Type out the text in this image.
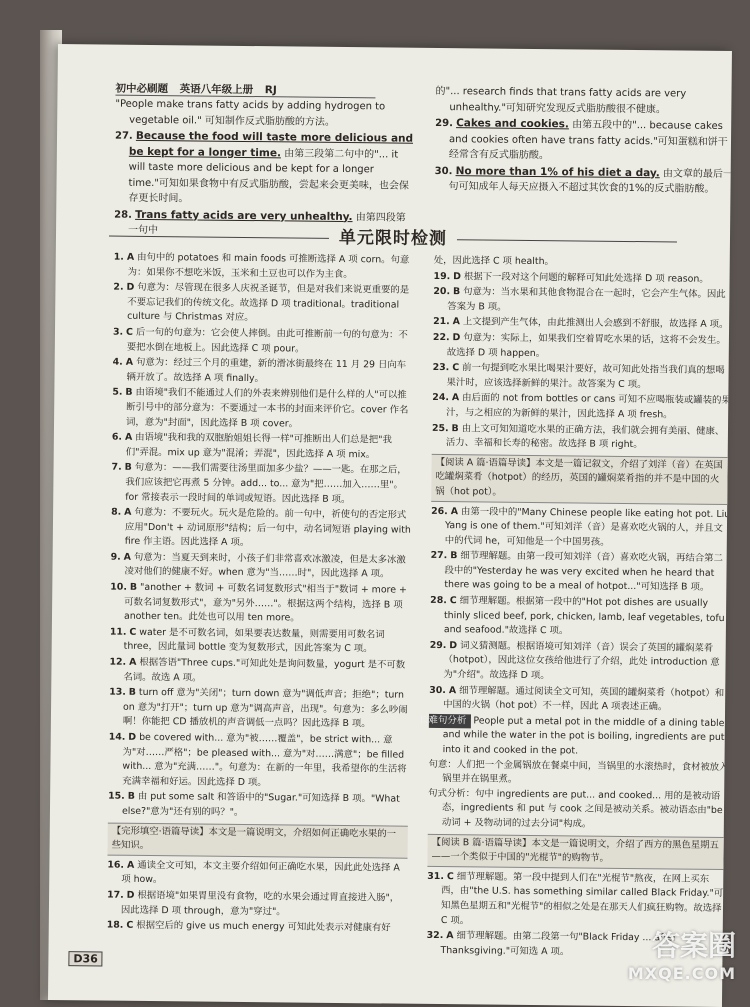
初中必刷题 英语八年级上册 RJ
"People make trans fatty acids by adding hydrogen to vegetable oil." 可知制作反式脂肪酸的方法。
27. Because the food will taste more delicious and be kept for a longer time. 由第三段第二句中的"... it will taste more delicious and be kept for a longer time."可知如果食物中有反式脂肪酸，尝起来会更美味，也会保存更长时间。
28. Trans fatty acids are very unhealthy. 由第四段第一句中
的"... research finds that trans fatty acids are very unhealthy."可知研究发现反式脂肪酸很不健康。
29. Cakes and cookies. 由第五段中的"... because cakes and cookies often have trans fatty acids."可知蛋糕和饼干经常含有反式脂肪酸。
30. No more than 1% of his diet a day. 由文章的最后一句可知成年人每天应摄入不超过其饮食的1%的反式脂肪酸。
单元限时检测
1. A 由句中的 potatoes 和 main foods 可推断选择 A 项 corn。句意为：如果你不想吃米饭，玉米和土豆也可以作为主食。
2. D 句意为：尽管现在很多人庆祝圣诞节，但是对我们来说更重要的是不要忘记我们的传统文化。故选择 D 项 traditional。traditional culture 与 Christmas 对应。
3. C 后一句的句意为：它会使人摔倒。由此可推断前一句的句意为：不要把水倒在地板上。因此选择 C 项 pour。
4. A 句意为：经过三个月的重建，新的滑冰街最终在 11 月 29 日向车辆开放了。故选择 A 项 finally。
5. B 由语境"我们不能通过人们的外表来辨别他们是什么样的人"可以推断引号中的部分意为：不要通过一本书的封面来评价它。cover 作名词，意为"封面"，因此选择 B 项 cover。
6. A 由语境"我和我的双胞胎姐姐长得一样"可推断出人们总是把"我们"弄混。mix up 意为"混淆；弄混"，因此选择 A 项 mix。
7. B 句意为：——我们需要往汤里面加多少盐？——一匙。在那之后，我们应该把它再煮 5 分钟。add... to... 意为"把……加入……里"。for 常接表示一段时间的单词或短语。因此选择 B 项。
8. A 句意为：不要玩火。玩火是危险的。前一句中，祈使句的否定形式应用"Don't + 动词原形"结构；后一句中，动名词短语 playing with fire 作主语。因此选择 A 项。
9. A 句意为：当夏天到来时，小孩子们非常喜欢冰激凌，但是太多冰激凌对他们的健康不好。when 意为"当……时"，因此选择 A 项。
10. B "another + 数词 + 可数名词复数形式"相当于"数词 + more + 可数名词复数形式"，意为"另外……"。根据这两个结构，选择 B 项 another ten。此处也可以用 ten more。
11. C water 是不可数名词，如果要表达数量，则需要用可数名词 three，因此量词 bottle 变为复数形式，因此答案为 C 项。
12. A 根据答语"Three cups."可知此处是询问数量，yogurt 是不可数名词。故选 A 项。
13. B turn off 意为"关闭"；turn down 意为"调低声音；拒绝"；turn on 意为"打开"；turn up 意为"调高声音，出现"。句意为：多么吵闹啊！你能把 CD 播放机的声音调低一点吗？因此选择 B 项。
14. D be covered with... 意为"被……覆盖"，be strict with... 意为"对……严格"；be pleased with... 意为"对……满意"；be filled with... 意为"充满……"。句意为：在新的一年里，我希望你的生活将充满幸福和好运。因此选择 D 项。
15. B 由 put some salt 和答语中的"Sugar."可知选择 B 项。"What else?"意为"还有别的吗？"。
【完形填空·语篇导读】本文是一篇说明文，介绍如何正确吃水果的一些知识。
16. A 通读全文可知，本文主要介绍如何正确吃水果，因此此处选择 A 项 how。
17. D 根据语境"如果胃里没有食物，吃的水果会通过胃直接进入肠"，因此选择 D 项 through，意为"穿过"。
18. C 根据空后的 give us much energy 可知此处表示对健康有好
处，因此选择 C 项 health。
19. D 根据下一段对这个问题的解释可知此处选择 D 项 reason。
20. B 句意为：当水果和其他食物混合在一起时，它会产生气体。因此答案为 B 项。
21. A 上文提到产生气体，由此推测出人会感到不舒服，故选择 A 项。
22. D 句意为：实际上，如果我们空着胃吃水果的话，这将不会发生。故选择 D 项 happen。
23. C 前一句提到吃水果比喝果汁要好，故可知此处指当我们真的想喝果汁时，应该选择新鲜的果汁。故答案为 C 项。
24. A 由后面的 not from bottles or cans 可知不应喝瓶装或罐装的果汁，与之相应的为新鲜的果汁，因此选择 A 项 fresh。
25. B 由上文可知知道吃水果的正确方法，我们就会拥有美丽、健康、活力、幸福和长寿的秘密。故选择 B 项 right。
【阅读 A 篇·语篇导读】本文是一篇记叙文，介绍了刘洋（音）在英国吃罐焖菜肴（hotpot）的经历，英国的罐焖菜肴指的并不是中国的火锅（hot pot）。
26. A 由第一段中的"Many Chinese people like eating hot pot. Liu Yang is one of them."可知刘洋（音）是喜欢吃火锅的人，并且文中的代词 he，可知他是一个中国男孩。
27. B 细节理解题。由第一段可知刘洋（音）喜欢吃火锅，再结合第二段中的"Yesterday he was very excited when he heard that there was going to be a meal of hotpot..."可知选择 B 项。
28. C 细节理解题。根据第一段中的"Hot pot dishes are usually thinly sliced beef, pork, chicken, lamb, leaf vegetables, tofu and seafood."故选择 C 项。
29. D 词义猜测题。根据语境可知刘洋（音）误会了英国的罐焖菜肴（hotpot），因此这位女孩给他进行了介绍，此处 introduction 意为"介绍"。故选择 D 项。
30. A 细节理解题。通过阅读全文可知，英国的罐焖菜肴（hotpot）和中国的火锅（hot pot）不一样，因此 A 项表述正确。
长难句分析 People put a metal pot in the middle of a dining table, and while the water in the pot is boiling, ingredients are put into it and cooked in the pot.
句意：人们把一个金属锅放在餐桌中间，当锅里的水滚热时，食材被放入锅里并在锅里煮。
句式分析：句中 ingredients are put... and cooked... 用的是被动语态，ingredients 和 put 与 cook 之间是被动关系。被动语态由"be 动词 + 及物动词的过去分词"构成。
【阅读 B 篇·语篇导读】本文是一篇说明文，介绍了西方的黑色星期五——一个类似于中国的"光棍节"的购物节。
31. C 细节理解题。第一段中提到人们在"光棍节"熬夜，在网上买东西，由"the U.S. has something similar called Black Friday."可知黑色星期五和"光棍节"的相似之处是在那天人们疯狂购物。故选择 C 项。
32. A 细节理解题。由第二段第一句"Black Friday ... after Thanksgiving."可知选 A 项。
D36	答案圈
MXQE.COM
